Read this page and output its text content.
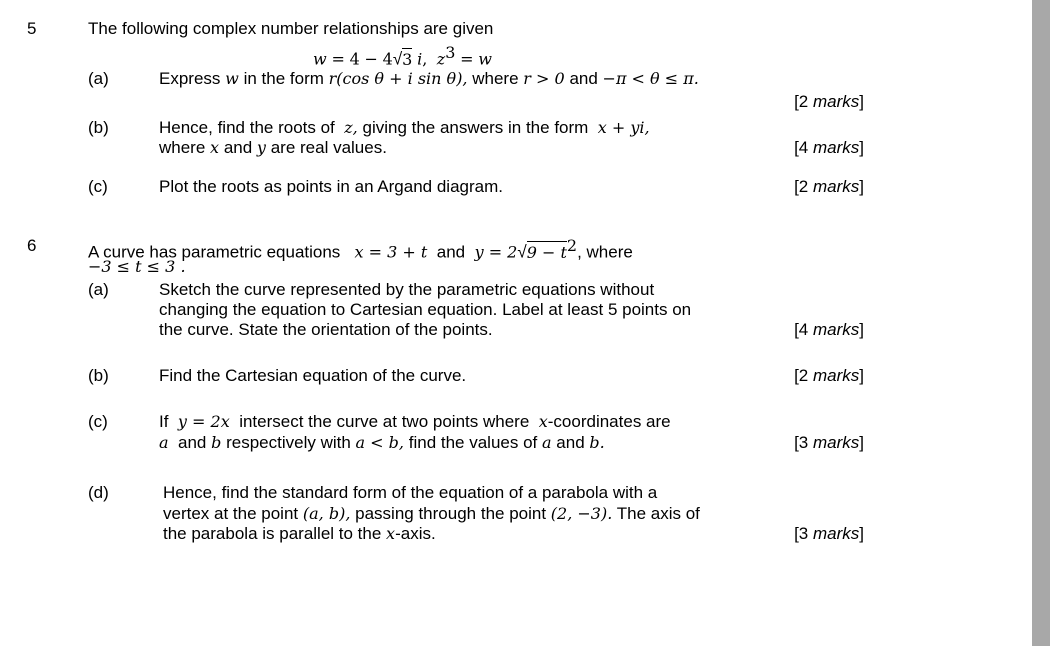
5	The following complex number relationships are given
w = 4 − 4√3 i, $z^3 = w$
(a)	Express w in the form r(cos θ + i sin θ), where r > 0 and −π < θ ≤ π.
[2 marks]
(b)	Hence, find the roots of z, giving the answers in the form x + yi,
where x and y are real values.	[4 marks]
(c)	Plot the roots as points in an Argand diagram.	[2 marks]
6	A curve has parametric equations x = 3 + t and $y = 2√9 - t^2$, where
−3 ≤ t ≤ 3 .
(a)	Sketch the curve represented by the parametric equations without
changing the equation to Cartesian equation. Label at least 5 points on
the curve. State the orientation of the points.	[4 marks]
(b)	Find the Cartesian equation of the curve.	[2 marks]
(c)	If y = 2x intersect the curve at two points where x-coordinates are
a and b respectively with a < b, find the values of a and b.	[3 marks]
(d)	Hence, find the standard form of the equation of a parabola with a
vertex at the point (a, b), passing through the point (2, −3). The axis of
the parabola is parallel to the x-axis.	[3 marks]
